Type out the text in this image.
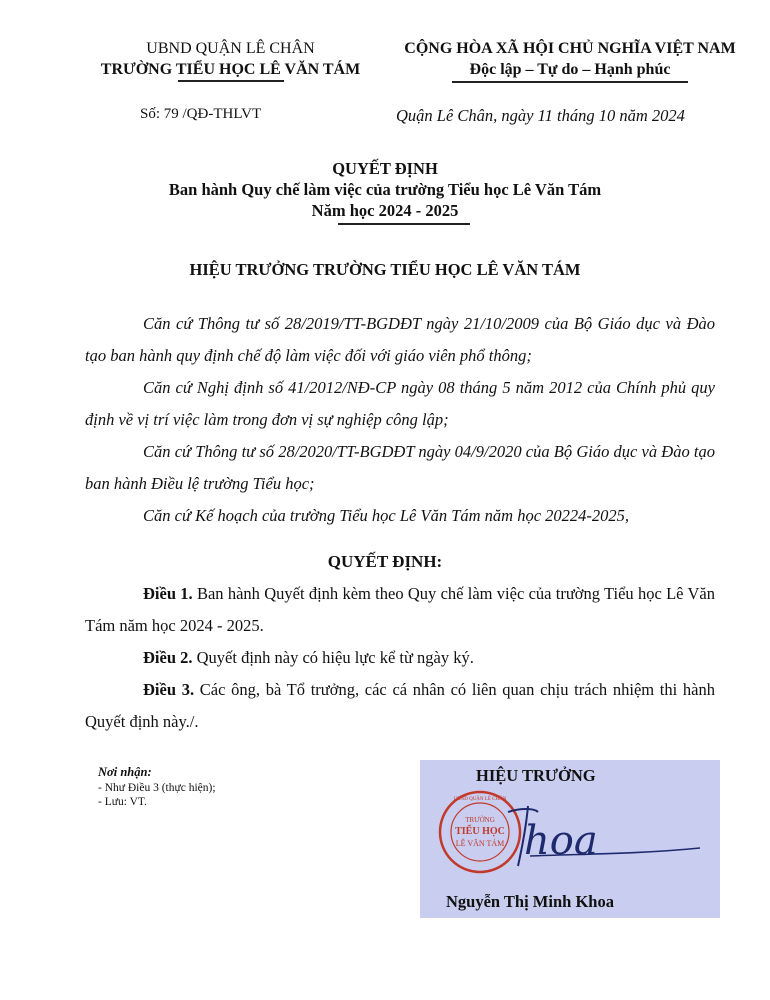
UBND QUẬN LÊ CHÂN
TRƯỜNG TIỂU HỌC LÊ VĂN TÁM
CỘNG HÒA XÃ HỘI CHỦ NGHĨA VIỆT NAM
Độc lập – Tự do – Hạnh phúc
Số: 79 /QĐ-THLVT	Quận Lê Chân, ngày 11 tháng 10 năm 2024
QUYẾT ĐỊNH
Ban hành Quy chế làm việc của trường Tiểu học Lê Văn Tám
Năm học 2024 - 2025
HIỆU TRƯỞNG TRƯỜNG TIỂU HỌC LÊ VĂN TÁM
Căn cứ Thông tư số 28/2019/TT-BGDĐT ngày 21/10/2009 của Bộ Giáo dục và Đào tạo ban hành quy định chế độ làm việc đối với giáo viên phổ thông;
Căn cứ Nghị định số 41/2012/NĐ-CP ngày 08 tháng 5 năm 2012 của Chính phủ quy định về vị trí việc làm trong đơn vị sự nghiệp công lập;
Căn cứ Thông tư số 28/2020/TT-BGDĐT ngày 04/9/2020 của Bộ Giáo dục và Đào tạo ban hành Điều lệ trường Tiểu học;
Căn cứ Kế hoạch của trường Tiểu học Lê Văn Tám năm học 20224-2025,
QUYẾT ĐỊNH:
Điều 1. Ban hành Quyết định kèm theo Quy chế làm việc của trường Tiểu học Lê Văn Tám năm học 2024 - 2025.
Điều 2. Quyết định này có hiệu lực kể từ ngày ký.
Điều 3. Các ông, bà Tổ trưởng, các cá nhân có liên quan chịu trách nhiệm thi hành Quyết định này./.
Nơi nhận:
- Như Điều 3 (thực hiện);
- Lưu: VT.
HIỆU TRƯỞNG
TRƯỜNG
TIỂU HỌC
LÊ VĂN TÁM
UBND QUẬN LÊ CHÂN
hoa
Nguyễn Thị Minh Khoa
